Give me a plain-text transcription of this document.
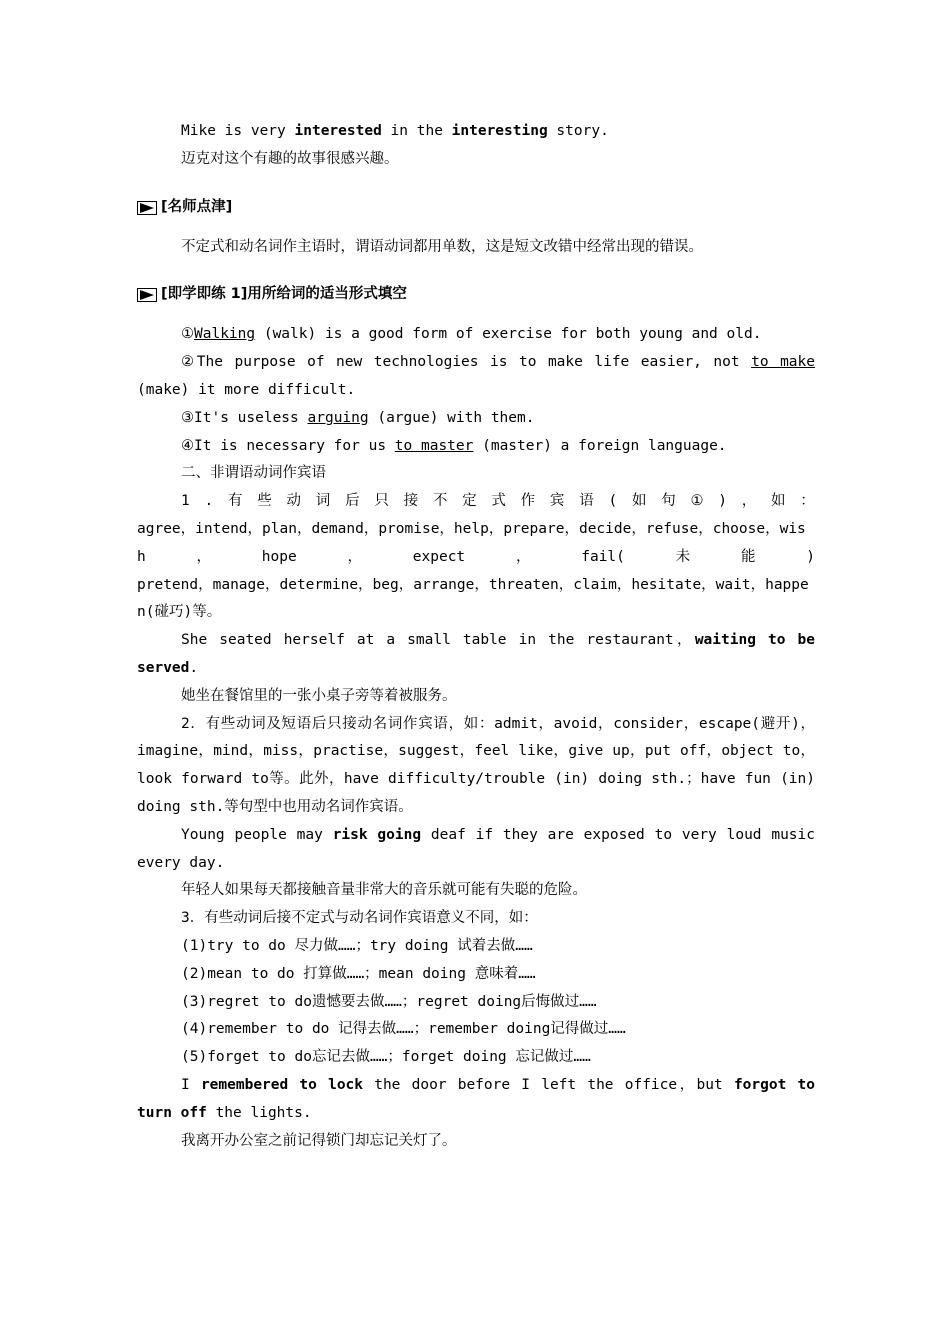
Mike is very interested in the interesting story.

迈克对这个有趣的故事很感兴趣。

[名师点津]

不定式和动名词作主语时，谓语动词都用单数，这是短文改错中经常出现的错误。

[即学即练 1]用所给词的适当形式填空

①Walking (walk) is a good form of exercise for both young and old.

②The purpose of new technologies is to make life easier, not to make (make) it more difficult.

③It's useless arguing (argue) with them.

④It is necessary for us to master (master) a foreign language.

二、非谓语动词作宾语

1 . 有 些 动 词 后 只 接 不 定 式 作 宾 语 ( 如 句 ① ) ， 如 ：

agree，intend，plan，demand，promise，help，prepare，decide，refuse，choose，wis

h	，	hope	，	expect	，	fail(	未	能	)

pretend，manage，determine，beg，arrange，threaten，claim，hesitate，wait，happe

n(碰巧)等。

She seated herself at a small table in the restaurant，waiting to be served.

她坐在餐馆里的一张小桌子旁等着被服务。

2．有些动词及短语后只接动名词作宾语，如：admit，avoid，consider，escape(避开)，imagine，mind，miss，practise，suggest，feel like，give up，put off，object to，look forward to等。此外，have difficulty/trouble (in) doing sth.；have fun (in) doing sth.等句型中也用动名词作宾语。

Young people may risk going deaf if they are exposed to very loud music every day.

年轻人如果每天都接触音量非常大的音乐就可能有失聪的危险。

3．有些动词后接不定式与动名词作宾语意义不同，如：

(1)try to do 尽力做……；try doing 试着去做……

(2)mean to do 打算做……；mean doing 意味着……

(3)regret to do遗憾要去做……；regret doing后悔做过……

(4)remember to do 记得去做……；remember doing记得做过……

(5)forget to do忘记去做……；forget doing 忘记做过……

I remembered to lock the door before I left the office，but forgot to turn off the lights.

我离开办公室之前记得锁门却忘记关灯了。
